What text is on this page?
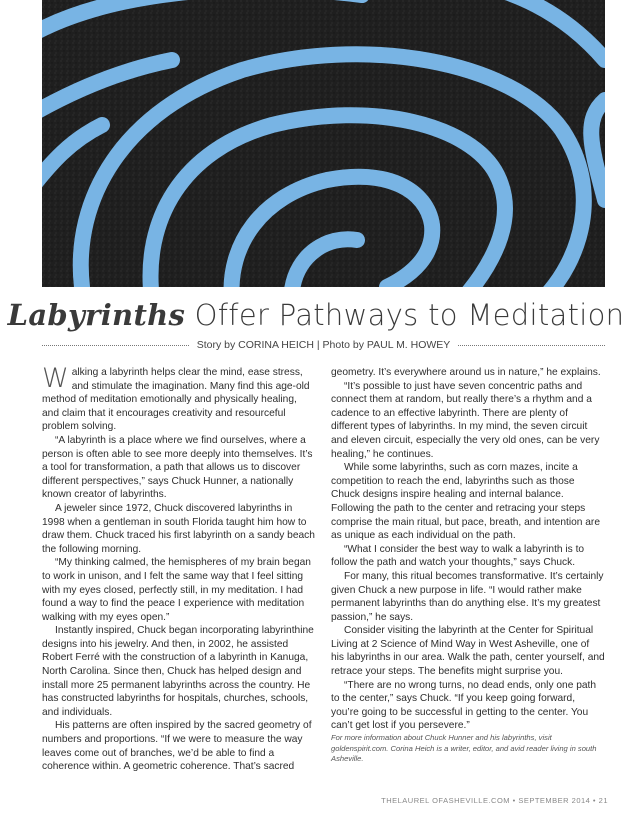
Labyrinths Offer Pathways to Meditation
Story by CORINA HEICH | Photo by PAUL M. HOWEY

Walking a labyrinth helps clear the mind, ease stress, and stimulate the imagination. Many find this age-old method of meditation emotionally and physically healing, and claim that it encourages creativity and resourceful problem solving.

“A labyrinth is a place where we find ourselves, where a person is often able to see more deeply into themselves. It’s a tool for transformation, a path that allows us to discover different perspectives,” says Chuck Hunner, a nationally known creator of labyrinths.

A jeweler since 1972, Chuck discovered labyrinths in 1998 when a gentleman in south Florida taught him how to draw them. Chuck traced his first labyrinth on a sandy beach the following morning.

“My thinking calmed, the hemispheres of my brain began to work in unison, and I felt the same way that I feel sitting with my eyes closed, perfectly still, in my meditation. I had found a way to find the peace I experience with meditation walking with my eyes open.”

Instantly inspired, Chuck began incorporating labyrinthine designs into his jewelry. And then, in 2002, he assisted Robert Ferré with the construction of a labyrinth in Kanuga, North Carolina. Since then, Chuck has helped design and install more 25 permanent labyrinths across the country. He has constructed labyrinths for hospitals, churches, schools, and individuals.

His patterns are often inspired by the sacred geometry of numbers and proportions. “If we were to measure the way leaves come out of branches, we’d be able to find a coherence within. A geometric coherence. That’s sacred

geometry. It’s everywhere around us in nature,” he explains.

“It’s possible to just have seven concentric paths and connect them at random, but really there’s a rhythm and a cadence to an effective labyrinth. There are plenty of different types of labyrinths. In my mind, the seven circuit and eleven circuit, especially the very old ones, can be very healing,” he continues.

While some labyrinths, such as corn mazes, incite a competition to reach the end, labyrinths such as those Chuck designs inspire healing and internal balance. Following the path to the center and retracing your steps comprise the main ritual, but pace, breath, and intention are as unique as each individual on the path.

“What I consider the best way to walk a labyrinth is to follow the path and watch your thoughts,” says Chuck.

For many, this ritual becomes transformative. It’s certainly given Chuck a new purpose in life. “I would rather make permanent labyrinths than do anything else. It’s my greatest passion,” he says.

Consider visiting the labyrinth at the Center for Spiritual Living at 2 Science of Mind Way in West Asheville, one of his labyrinths in our area. Walk the path, center yourself, and retrace your steps. The benefits might surprise you.

“There are no wrong turns, no dead ends, only one path to the center,” says Chuck. “If you keep going forward, you’re going to be successful in getting to the center. You can’t get lost if you persevere.”

For more information about Chuck Hunner and his labyrinths, visit goldenspirit.com. Corina Heich is a writer, editor, and avid reader living in south Asheville.

THELAUREL OFASHEVILLE.COM • SEPTEMBER 2014 • 21
